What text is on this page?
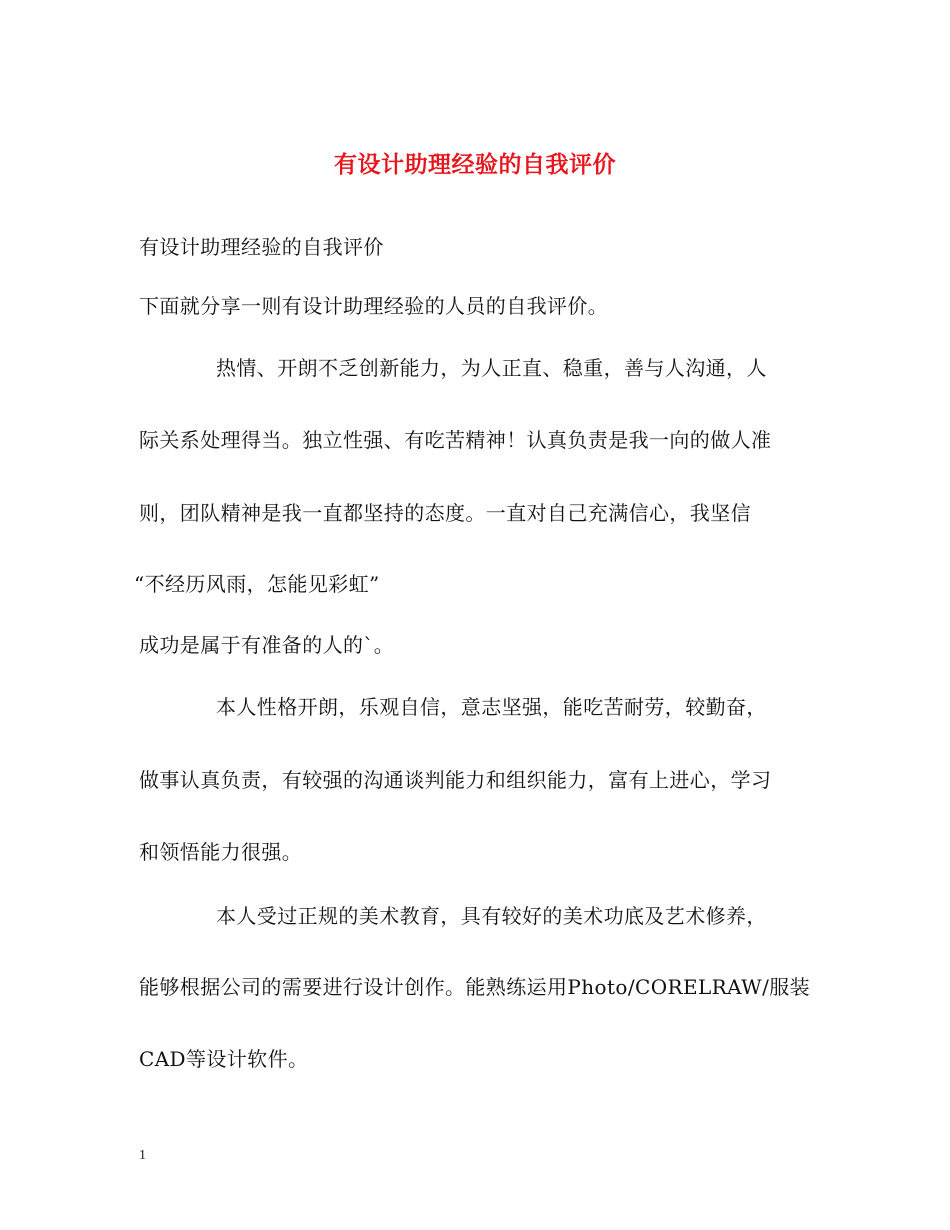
有设计助理经验的自我评价
有设计助理经验的自我评价
下面就分享一则有设计助理经验的人员的自我评价。
热情、开朗不乏创新能力，为人正直、稳重，善与人沟通，人
际关系处理得当。独立性强、有吃苦精神！认真负责是我一向的做人准
则，团队精神是我一直都坚持的态度。一直对自己充满信心，我坚信
“不经历风雨，怎能见彩虹”
成功是属于有准备的人的`。
本人性格开朗，乐观自信，意志坚强，能吃苦耐劳，较勤奋，
做事认真负责，有较强的沟通谈判能力和组织能力，富有上进心，学习
和领悟能力很强。
本人受过正规的美术教育，具有较好的美术功底及艺术修养，
能够根据公司的需要进行设计创作。能熟练运用Photo/CORELRAW/服装
CAD等设计软件。
1
